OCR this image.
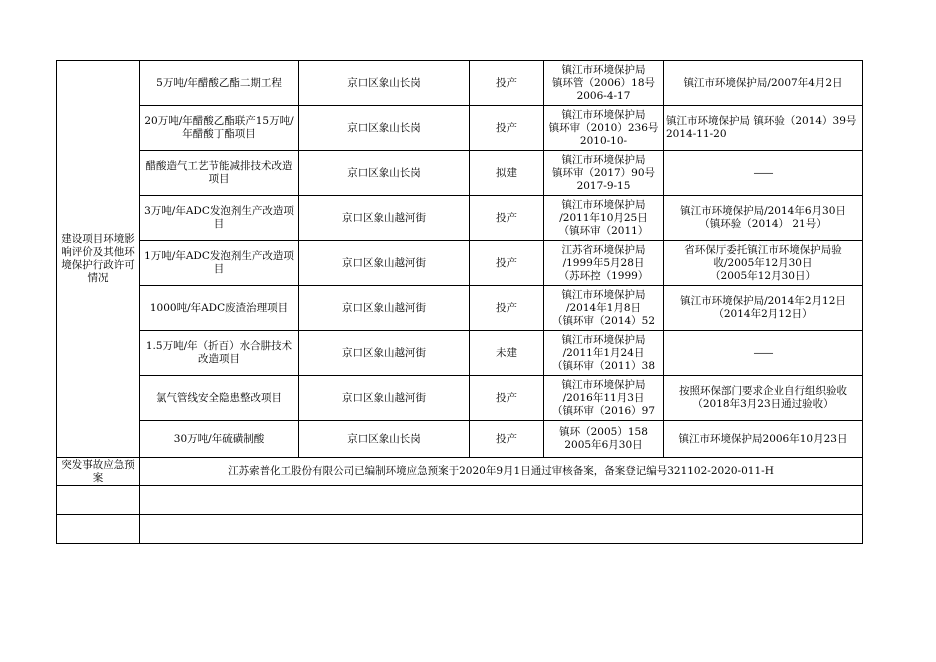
建设项目环境影响评价及其他环境保护行政许可情况	5万吨/年醋酸乙酯二期工程	京口区象山长岗	投产	镇江市环境保护局
镇环管（2006）18号
2006-4-17	镇江市环境保护局/2007年4月2日
	20万吨/年醋酸乙酯联产15万吨/年醋酸丁酯项目	京口区象山长岗	投产	镇江市环境保护局
镇环审（2010）236号 2010-10-	镇江市环境保护局 镇环验（2014）39号 2014-11-20
	醋酸造气工艺节能减排技术改造项目	京口区象山长岗	拟建	镇江市环境保护局
镇环审（2017）90号
2017-9-15	——
	3万吨/年ADC发泡剂生产改造项目	京口区象山越河街	投产	镇江市环境保护局
/2011年10月25日
（镇环审（2011）	镇江市环境保护局/2014年6月30日
（镇环验（2014） 21号）
	1万吨/年ADC发泡剂生产改造项目	京口区象山越河街	投产	江苏省环境保护局
/1999年5月28日
（苏环控（1999）	省环保厅委托镇江市环境保护局验收/2005年12月30日
（2005年12月30日）
	1000吨/年ADC废渣治理项目	京口区象山越河街	投产	镇江市环境保护局
/2014年1月8日
（镇环审（2014）52	镇江市环境保护局/2014年2月12日
（2014年2月12日）
	1.5万吨/年（折百）水合肼技术改造项目	京口区象山越河街	未建	镇江市环境保护局
/2011年1月24日
（镇环审（2011）38	——
	氯气管线安全隐患整改项目	京口区象山越河街	投产	镇江市环境保护局
/2016年11月3日
（镇环审（2016）97	按照环保部门要求企业自行组织验收（2018年3月23日通过验收）
	30万吨/年硫磺制酸	京口区象山长岗	投产	镇环（2005）158
2005年6月30日	镇江市环境保护局2006年10月23日
突发事故应急预案	江苏索普化工股份有限公司已编制环境应急预案于2020年9月1日通过审核备案，备案登记编号321102-2020-011-H				
